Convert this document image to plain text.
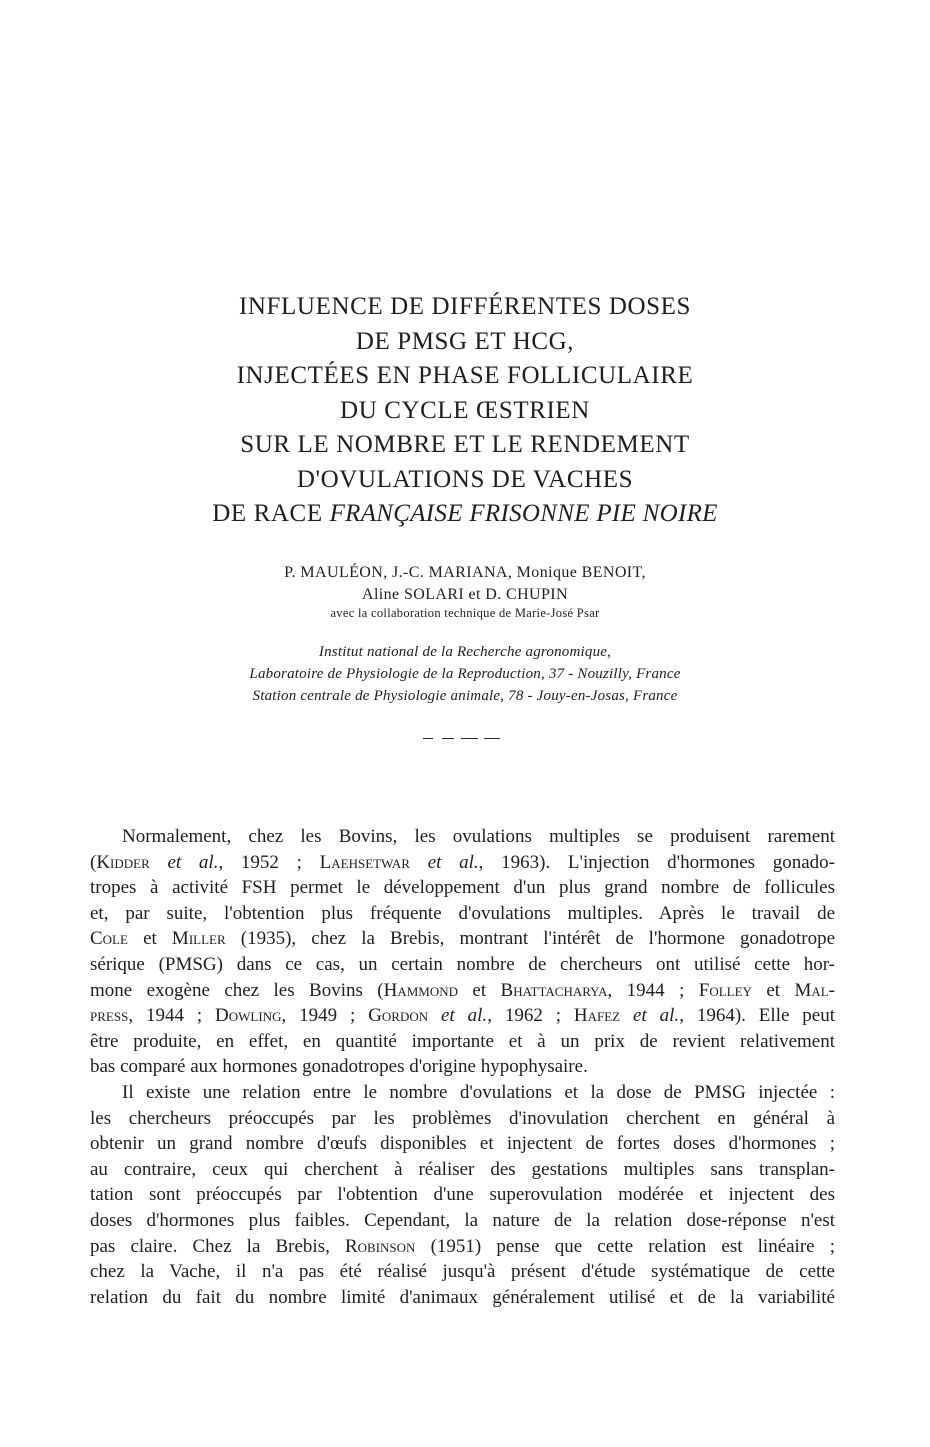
INFLUENCE DE DIFFÉRENTES DOSES
DE PMSG ET HCG,
INJECTÉES EN PHASE FOLLICULAIRE
DU CYCLE ŒSTRIEN
SUR LE NOMBRE ET LE RENDEMENT
D'OVULATIONS DE VACHES
DE RACE FRANÇAISE FRISONNE PIE NOIRE
P. MAULÉON, J.-C. MARIANA, Monique BENOIT,
Aline SOLARI et D. CHUPIN
avec la collaboration technique de Marie-José Psar
Institut national de la Recherche agronomique,
Laboratoire de Physiologie de la Reproduction, 37 - Nouzilly, France
Station centrale de Physiologie animale, 78 - Jouy-en-Josas, France
Normalement, chez les Bovins, les ovulations multiples se produisent rarement
(Kidder et al., 1952 ; Laehsetwar et al., 1963). L'injection d'hormones gonado-
tropes à activité FSH permet le développement d'un plus grand nombre de follicules
et, par suite, l'obtention plus fréquente d'ovulations multiples. Après le travail de
Cole et Miller (1935), chez la Brebis, montrant l'intérêt de l'hormone gonadotrope
sérique (PMSG) dans ce cas, un certain nombre de chercheurs ont utilisé cette hor-
mone exogène chez les Bovins (Hammond et Bhattacharya, 1944 ; Folley et Mal-
press, 1944 ; Dowling, 1949 ; Gordon et al., 1962 ; Hafez et al., 1964). Elle peut
être produite, en effet, en quantité importante et à un prix de revient relativement
bas comparé aux hormones gonadotropes d'origine hypophysaire.
Il existe une relation entre le nombre d'ovulations et la dose de PMSG injectée :
les chercheurs préoccupés par les problèmes d'inovulation cherchent en général à
obtenir un grand nombre d'œufs disponibles et injectent de fortes doses d'hormones ;
au contraire, ceux qui cherchent à réaliser des gestations multiples sans transplan-
tation sont préoccupés par l'obtention d'une superovulation modérée et injectent des
doses d'hormones plus faibles. Cependant, la nature de la relation dose-réponse n'est
pas claire. Chez la Brebis, Robinson (1951) pense que cette relation est linéaire ;
chez la Vache, il n'a pas été réalisé jusqu'à présent d'étude systématique de cette
relation du fait du nombre limité d'animaux généralement utilisé et de la variabilité
